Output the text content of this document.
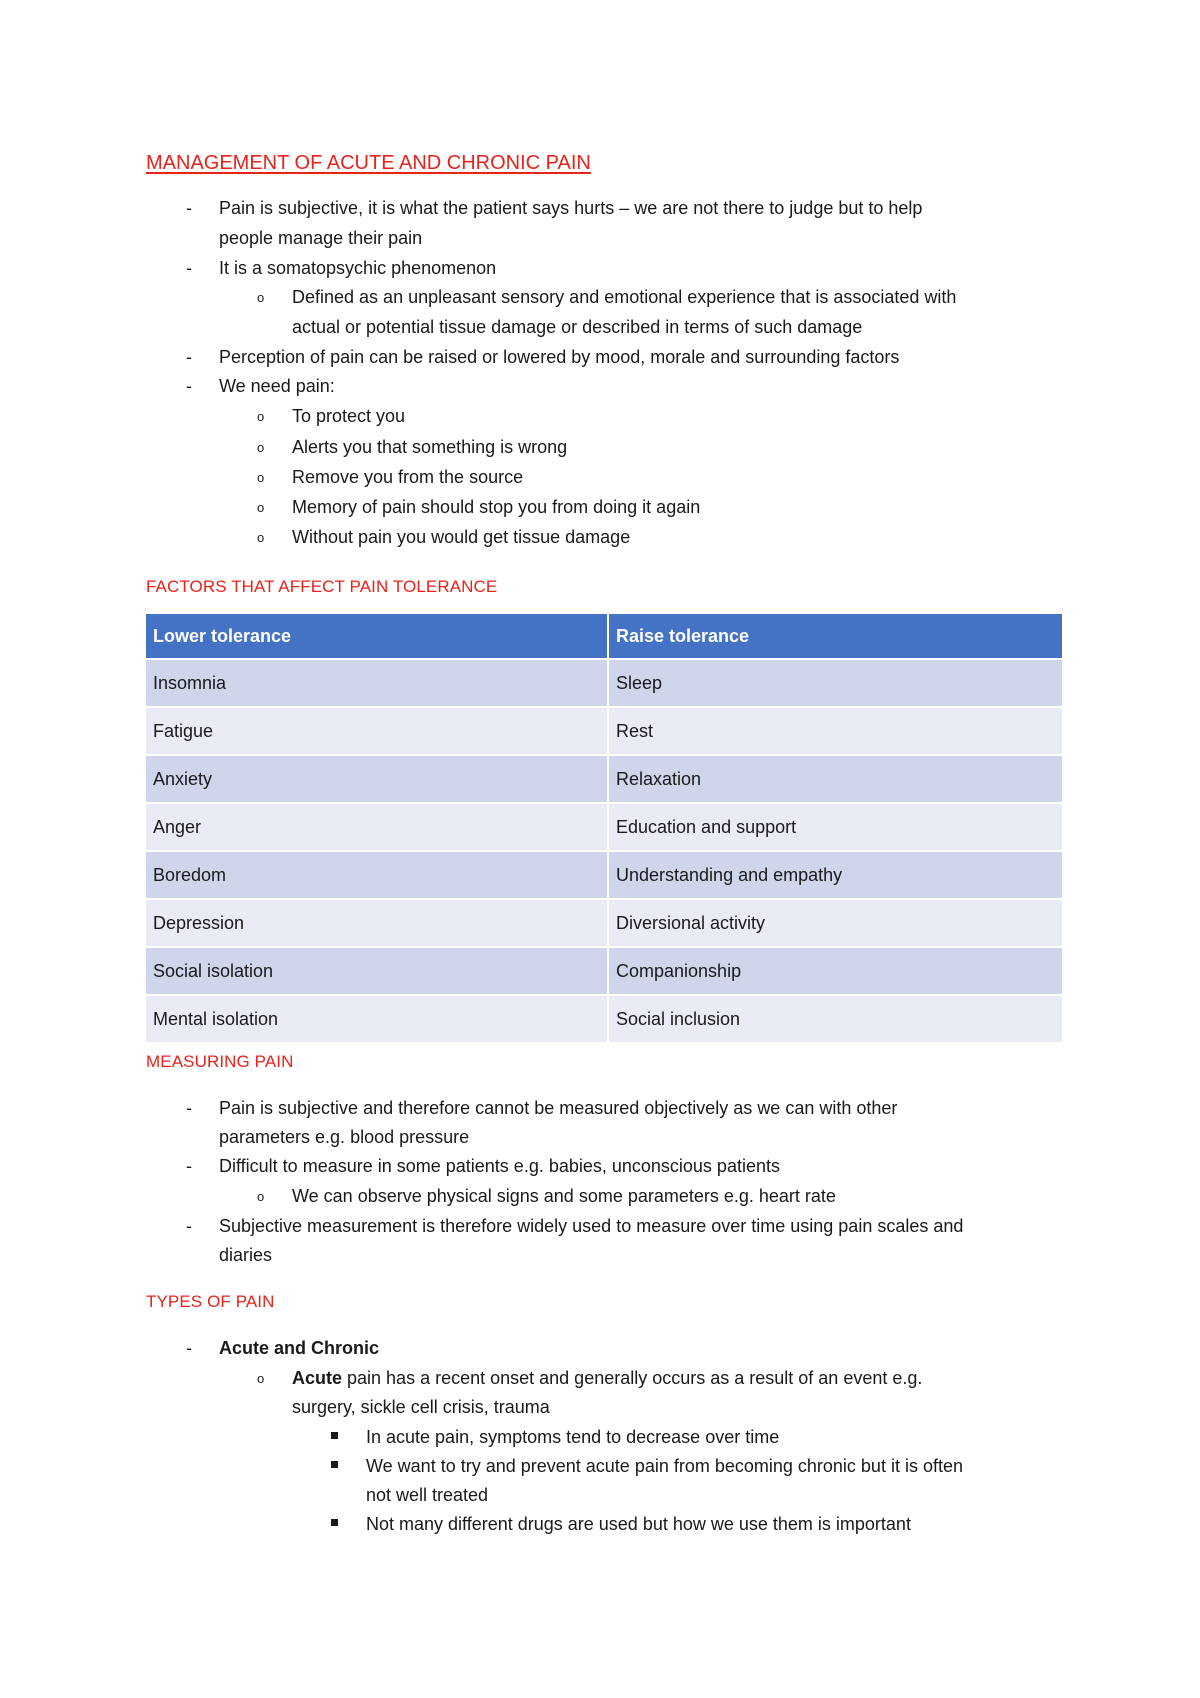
MANAGEMENT OF ACUTE AND CHRONIC PAIN
- Pain is subjective, it is what the patient says hurts – we are not there to judge but to help
people manage their pain
- It is a somatopsychic phenomenon
o Defined as an unpleasant sensory and emotional experience that is associated with
actual or potential tissue damage or described in terms of such damage
- Perception of pain can be raised or lowered by mood, morale and surrounding factors
- We need pain:
o To protect you
o Alerts you that something is wrong
o Remove you from the source
o Memory of pain should stop you from doing it again
o Without pain you would get tissue damage
FACTORS THAT AFFECT PAIN TOLERANCE
Lower tolerance	Raise tolerance
Insomnia	Sleep
Fatigue	Rest
Anxiety	Relaxation
Anger	Education and support
Boredom	Understanding and empathy
Depression	Diversional activity
Social isolation	Companionship
Mental isolation	Social inclusion
MEASURING PAIN
- Pain is subjective and therefore cannot be measured objectively as we can with other
parameters e.g. blood pressure
- Difficult to measure in some patients e.g. babies, unconscious patients
o We can observe physical signs and some parameters e.g. heart rate
- Subjective measurement is therefore widely used to measure over time using pain scales and
diaries
TYPES OF PAIN
- Acute and Chronic
o Acute pain has a recent onset and generally occurs as a result of an event e.g.
surgery, sickle cell crisis, trauma
In acute pain, symptoms tend to decrease over time
We want to try and prevent acute pain from becoming chronic but it is often
not well treated
Not many different drugs are used but how we use them is important
